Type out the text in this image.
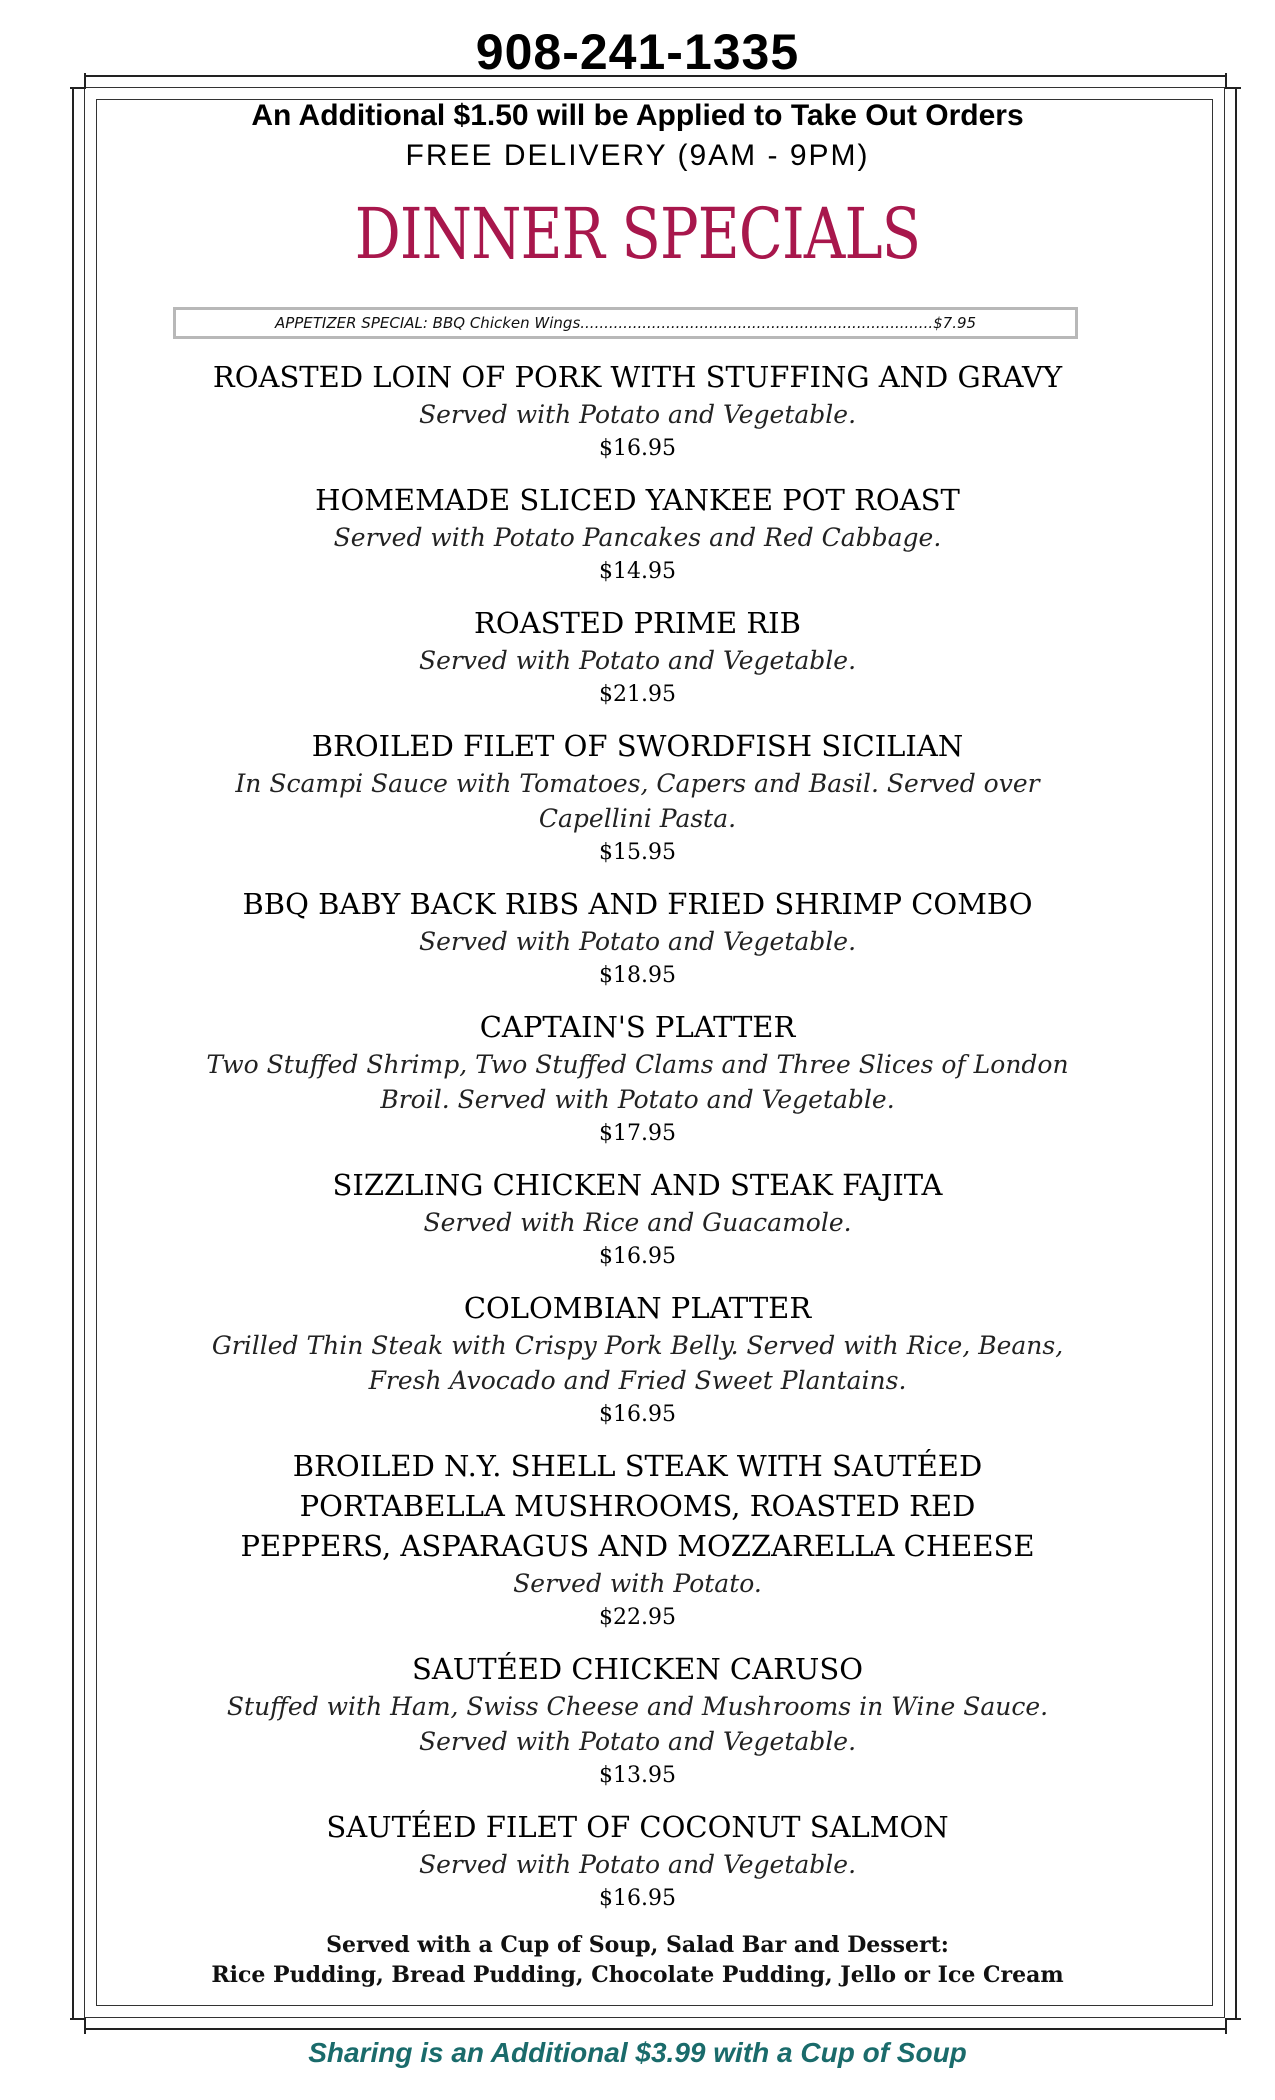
908-241-1335

An Additional $1.50 will be Applied to Take Out Orders

FREE DELIVERY (9AM - 9PM)

DINNER SPECIALS
APPETIZER SPECIAL: BBQ Chicken Wings .......................................................................... $7.95
ROASTED LOIN OF PORK WITH STUFFING AND GRAVY
Served with Potato and Vegetable.
$16.95
HOMEMADE SLICED YANKEE POT ROAST
Served with Potato Pancakes and Red Cabbage.
$14.95
ROASTED PRIME RIB
Served with Potato and Vegetable.
$21.95
BROILED FILET OF SWORDFISH SICILIAN
In Scampi Sauce with Tomatoes, Capers and Basil. Served over Capellini Pasta.
$15.95
BBQ BABY BACK RIBS AND FRIED SHRIMP COMBO
Served with Potato and Vegetable.
$18.95
CAPTAIN'S PLATTER
Two Stuffed Shrimp, Two Stuffed Clams and Three Slices of London Broil. Served with Potato and Vegetable.
$17.95
SIZZLING CHICKEN AND STEAK FAJITA
Served with Rice and Guacamole.
$16.95
COLOMBIAN PLATTER
Grilled Thin Steak with Crispy Pork Belly. Served with Rice, Beans, Fresh Avocado and Fried Sweet Plantains.
$16.95
BROILED N.Y. SHELL STEAK WITH SAUTÉED PORTABELLA MUSHROOMS, ROASTED RED PEPPERS, ASPARAGUS AND MOZZARELLA CHEESE
Served with Potato.
$22.95
SAUTÉED CHICKEN CARUSO
Stuffed with Ham, Swiss Cheese and Mushrooms in Wine Sauce. Served with Potato and Vegetable.
$13.95
SAUTÉED FILET OF COCONUT SALMON
Served with Potato and Vegetable.
$16.95
Served with a Cup of Soup, Salad Bar and Dessert:
Rice Pudding, Bread Pudding, Chocolate Pudding, Jello or Ice Cream
Sharing is an Additional $3.99 with a Cup of Soup
